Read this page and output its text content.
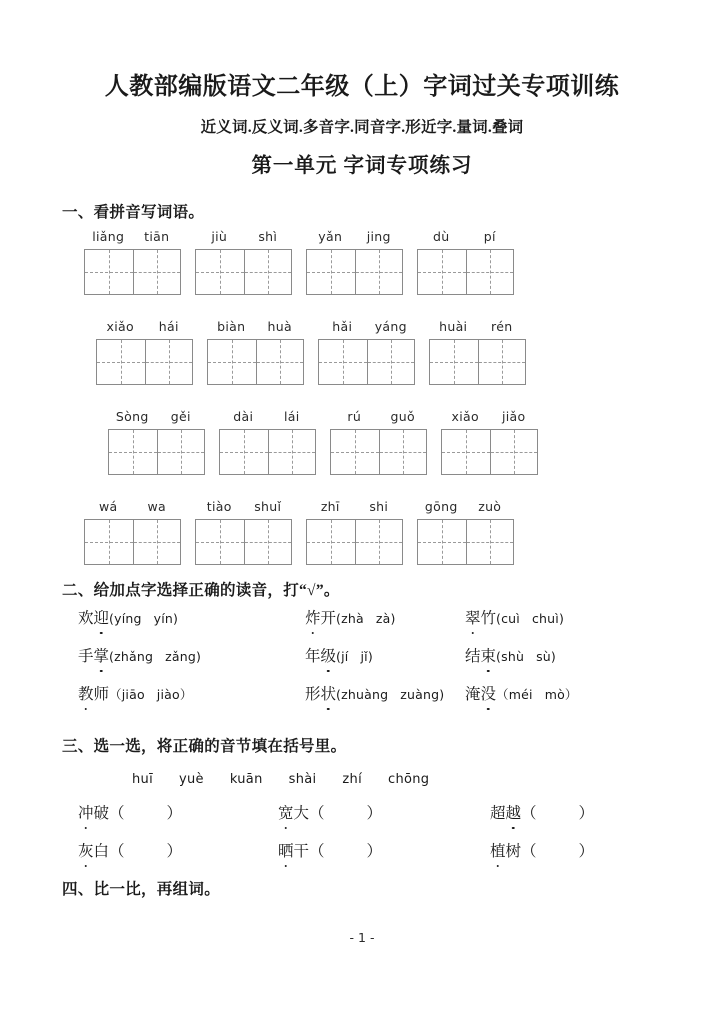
人教部编版语文二年级（上）字词过关专项训练
近义词.反义词.多音字.同音字.形近字.量词.叠词
第一单元 字词专项练习
一、看拼音写词语。
liǎng	tiān	jiù	shì	yǎn	jing	dù	pí
xiǎo	hái	biàn	huà	hǎi	yáng	huài	rén
Sòng	gěi	dài	lái	rú	guǒ	xiǎo	jiǎo
wá	wa	tiào	shuǐ	zhī	shi	gōng	zuò
二、给加点字选择正确的读音，打“√”。
欢迎(yíng yín)	炸开(zhà zà)	翠竹(cuì chuì)
手掌(zhǎng zǎng)	年级(jí jǐ)	结束(shù sù)
教师（jiāo jiào）	形状(zhuàng zuàng) 淹没（méi mò）
三、选一选，将正确的音节填在括号里。
huī yuè kuān shài zhí chōng
冲破（	）	宽大（	）	超越（	）
灰白（	）	晒干（	）	植树（	）
四、比一比，再组词。
- 1 -
